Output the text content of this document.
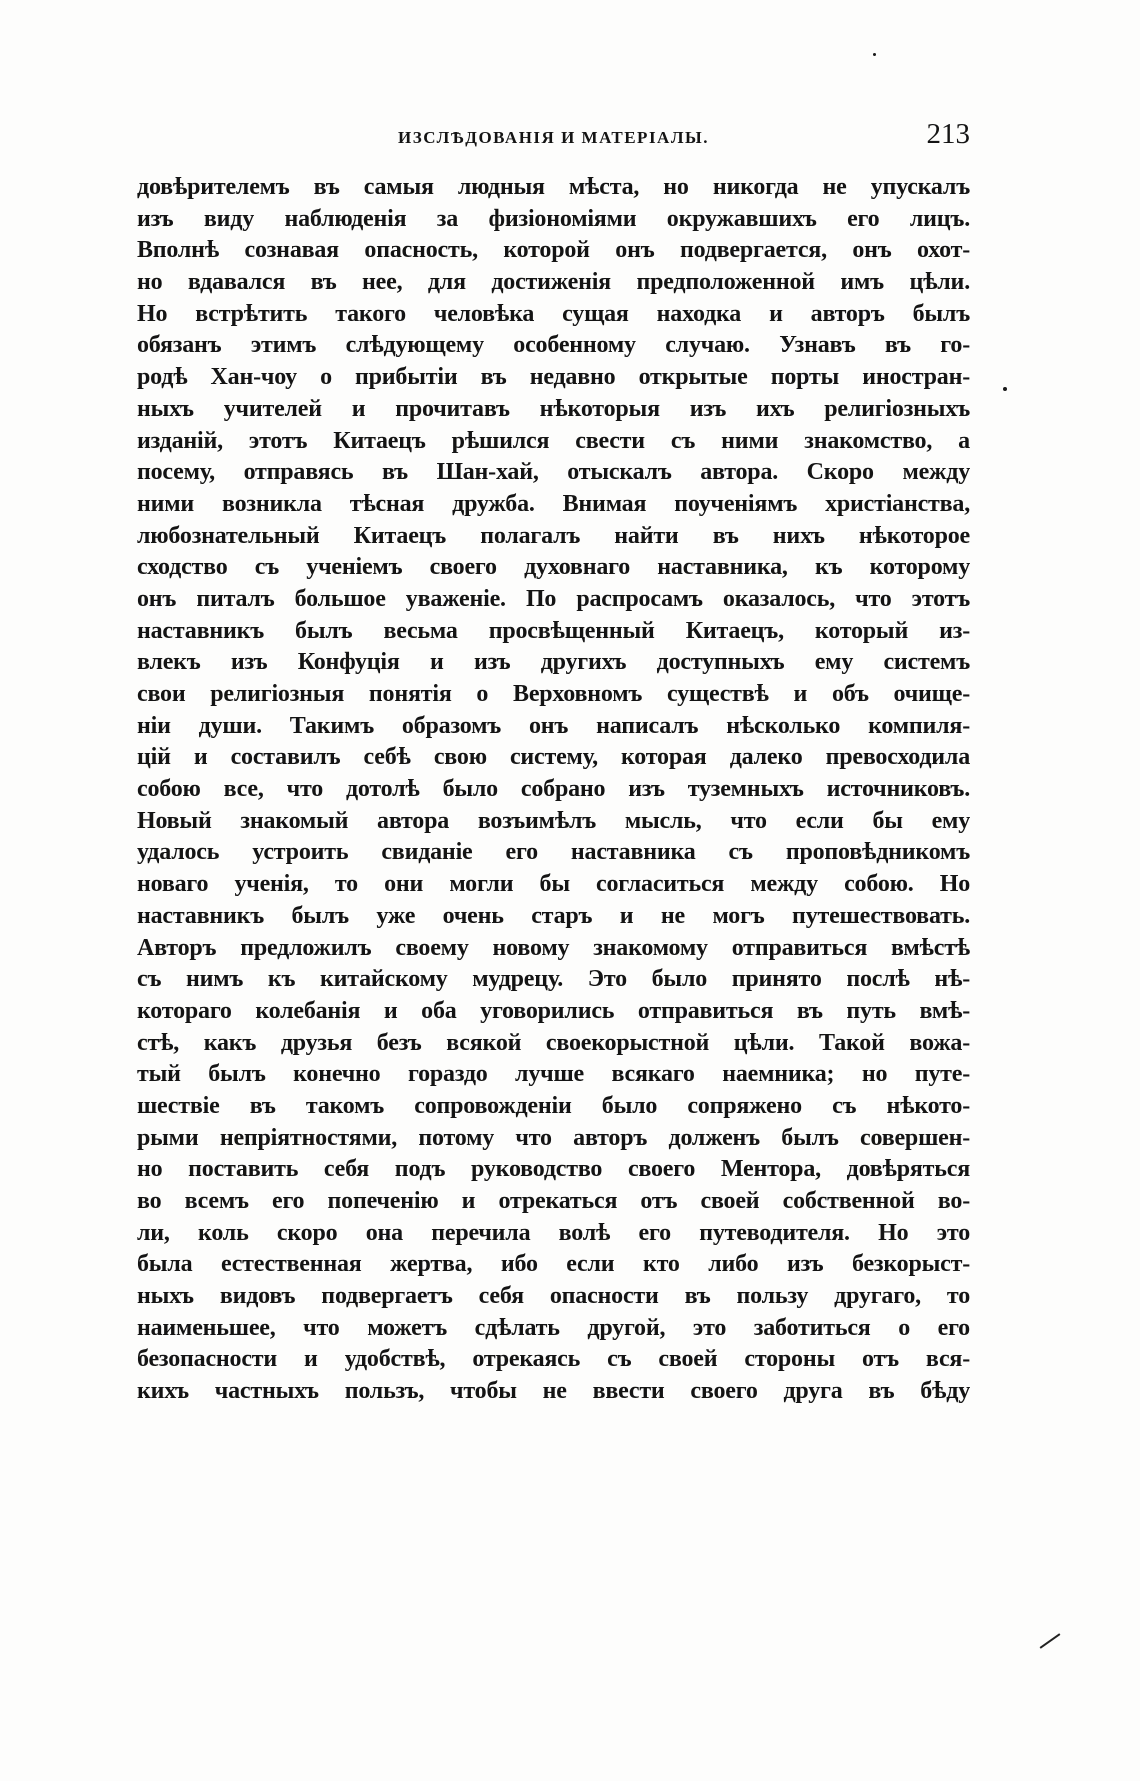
ИЗСЛѢДОВАНІЯ И МАТЕРІАЛЫ.	213
довѣрителемъ въ самыя людныя мѣста, но никогда не упускалъ
изъ виду наблюденія за физіономіями окружавшихъ его лицъ.
Вполнѣ сознавая опасность, которой онъ подвергается, онъ охот-
но вдавался въ нее, для достиженія предположенной имъ цѣли.
Но встрѣтить такого человѣка сущая находка и авторъ былъ
обязанъ этимъ слѣдующему особенному случаю. Узнавъ въ го-
родѣ Хан-чоу о прибытіи въ недавно открытые порты иностран-
ныхъ учителей и прочитавъ нѣкоторыя изъ ихъ религіозныхъ
изданій, этотъ Китаецъ рѣшился свести съ ними знакомство, а
посему, отправясь въ Шан-хай, отыскалъ автора. Скоро между
ними возникла тѣсная дружба. Внимая поученіямъ христіанства,
любознательный Китаецъ полагалъ найти въ нихъ нѣкоторое
сходство съ ученіемъ своего духовнаго наставника, къ которому
онъ питалъ большое уваженіе. По распросамъ оказалось, что этотъ
наставникъ былъ весьма просвѣщенный Китаецъ, который из-
влекъ изъ Конфуція и изъ другихъ доступныхъ ему системъ
свои религіозныя понятія о Верховномъ существѣ и объ очище-
ніи души. Такимъ образомъ онъ написалъ нѣсколько компиля-
цій и составилъ себѣ свою систему, которая далеко превосходила
собою все, что дотолѣ было собрано изъ туземныхъ источниковъ.
Новый знакомый автора возъимѣлъ мысль, что если бы ему
удалось устроить свиданіе его наставника съ проповѣдникомъ
новаго ученія, то они могли бы согласиться между собою. Но
наставникъ былъ уже очень старъ и не могъ путешествовать.
Авторъ предложилъ своему новому знакомому отправиться вмѣстѣ
съ нимъ къ китайскому мудрецу. Это было принято послѣ нѣ-
котораго колебанія и оба уговорились отправиться въ путь вмѣ-
стѣ, какъ друзья безъ всякой своекорыстной цѣли. Такой вожа-
тый былъ конечно гораздо лучше всякаго наемника; но путе-
шествіе въ такомъ сопровожденіи было сопряжено съ нѣкото-
рыми непріятностями, потому что авторъ долженъ былъ совершен-
но поставить себя подъ руководство своего Ментора, довѣряться
во всемъ его попеченію и отрекаться отъ своей собственной во-
ли, коль скоро она перечила волѣ его путеводителя. Но это
была естественная жертва, ибо если кто либо изъ безкорыст-
ныхъ видовъ подвергаетъ себя опасности въ пользу другаго, то
наименьшее, что можетъ сдѣлать другой, это заботиться о его
безопасности и удобствѣ, отрекаясь съ своей стороны отъ вся-
кихъ частныхъ пользъ, чтобы не ввести своего друга въ бѣду
